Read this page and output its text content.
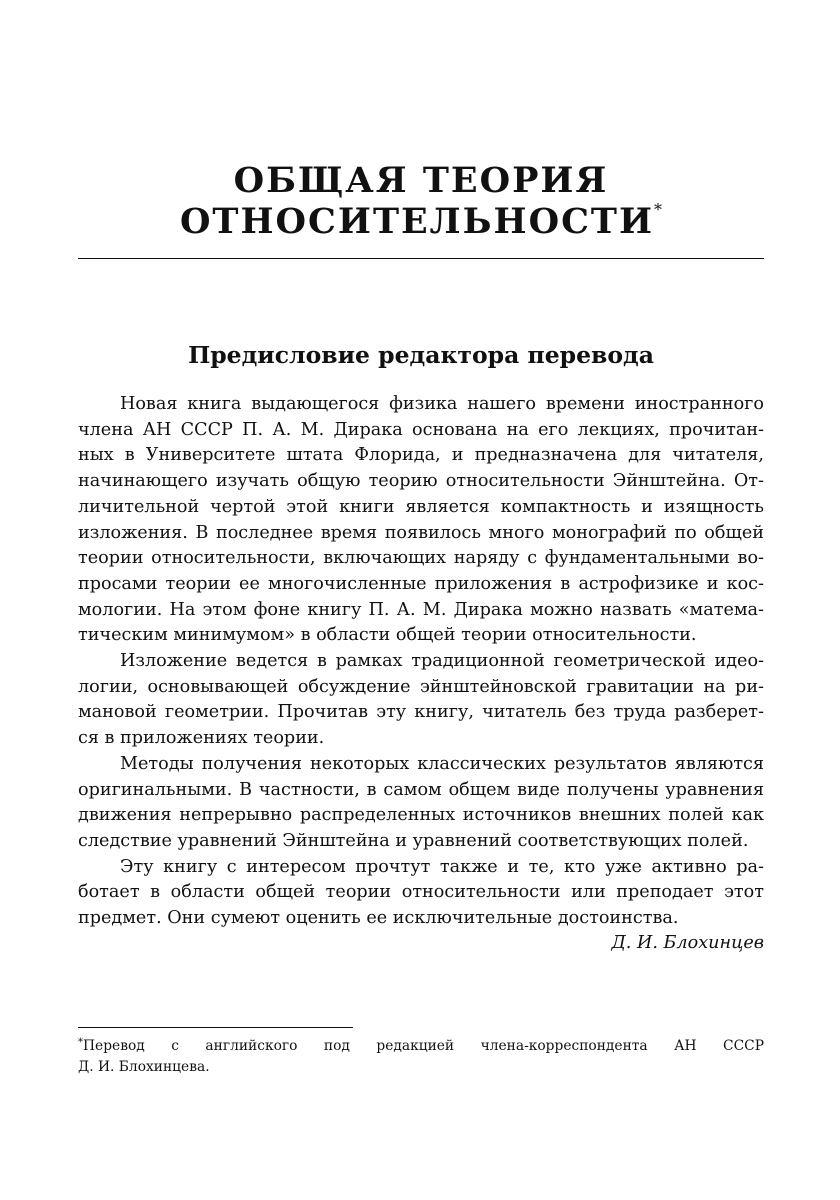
ОБЩАЯ ТЕОРИЯ
ОТНОСИТЕЛЬНОСТИ*
Предисловие редактора перевода
Новая книга выдающегося физика нашего времени иностранного
члена АН СССР П. А. М. Дирака основана на его лекциях, прочитан-
ных в Университете штата Флорида, и предназначена для читателя,
начинающего изучать общую теорию относительности Эйнштейна. От-
личительной чертой этой книги является компактность и изящность
изложения. В последнее время появилось много монографий по общей
теории относительности, включающих наряду с фундаментальными во-
просами теории ее многочисленные приложения в астрофизике и кос-
мологии. На этом фоне книгу П. А. М. Дирака можно назвать «матема-
тическим минимумом» в области общей теории относительности.
Изложение ведется в рамках традиционной геометрической идео-
логии, основывающей обсуждение эйнштейновской гравитации на ри-
мановой геометрии. Прочитав эту книгу, читатель без труда разберет-
ся в приложениях теории.
Методы получения некоторых классических результатов являются
оригинальными. В частности, в самом общем виде получены уравнения
движения непрерывно распределенных источников внешних полей как
следствие уравнений Эйнштейна и уравнений соответствующих полей.
Эту книгу с интересом прочтут также и те, кто уже активно ра-
ботает в области общей теории относительности или преподает этот
предмет. Они сумеют оценить ее исключительные достоинства.
Д. И. Блохинцев
*Перевод с английского под редакцией члена-корреспондента АН СССР
Д. И. Блохинцева.
